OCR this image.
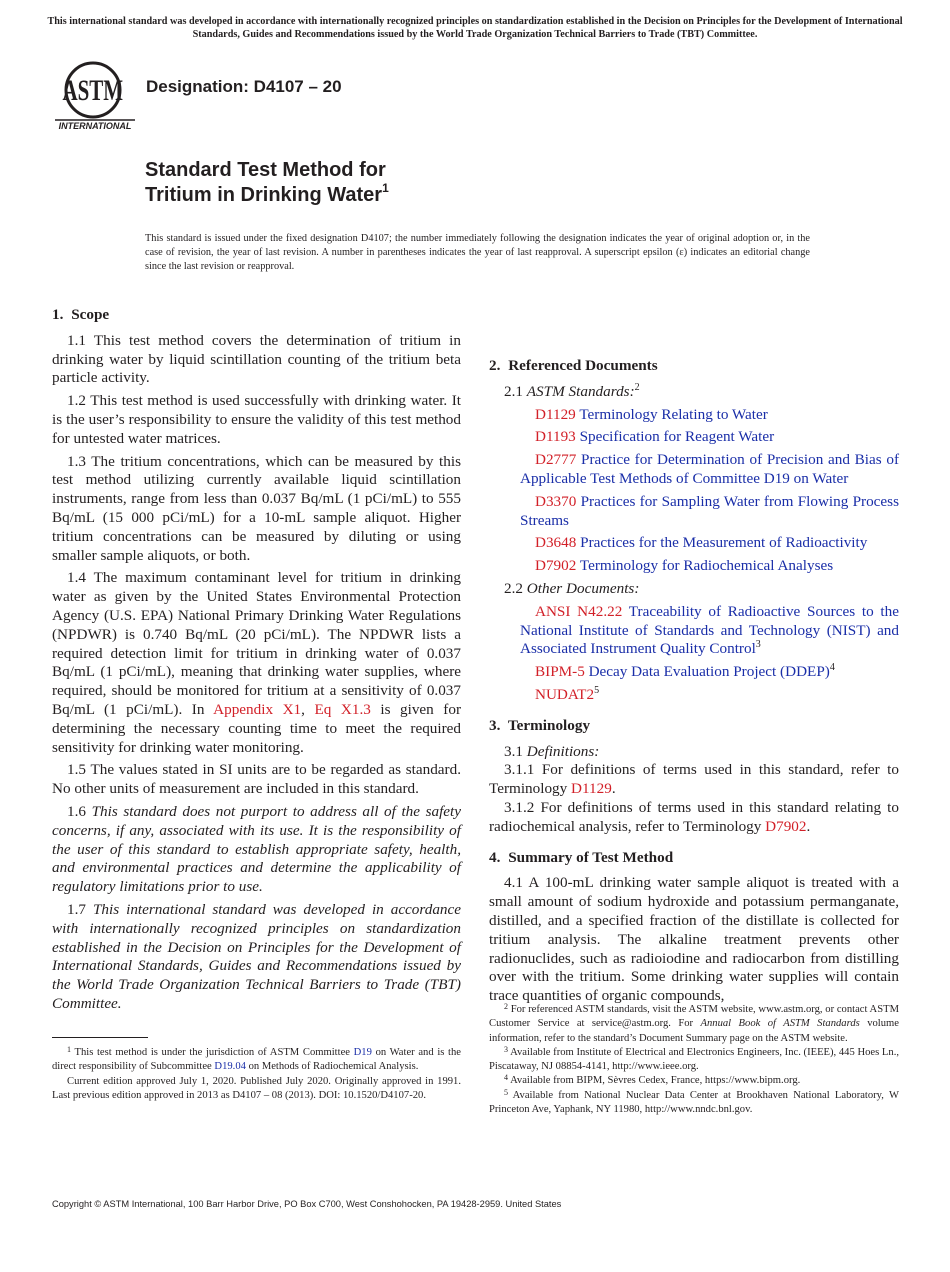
This international standard was developed in accordance with internationally recognized principles on standardization established in the Decision on Principles for the Development of International Standards, Guides and Recommendations issued by the World Trade Organization Technical Barriers to Trade (TBT) Committee.
ASTM
INTERNATIONAL
Designation: D4107 – 20
Standard Test Method for
Tritium in Drinking Water$^1$
This standard is issued under the fixed designation D4107; the number immediately following the designation indicates the year of original adoption or, in the case of revision, the year of last revision. A number in parentheses indicates the year of last reapproval. A superscript epsilon (ε) indicates an editorial change since the last revision or reapproval.
1. Scope

1.1 This test method covers the determination of tritium in drinking water by liquid scintillation counting of the tritium beta particle activity.

1.2 This test method is used successfully with drinking water. It is the user’s responsibility to ensure the validity of this test method for untested water matrices.

1.3 The tritium concentrations, which can be measured by this test method utilizing currently available liquid scintillation instruments, range from less than 0.037 Bq/mL (1 pCi/mL) to 555 Bq/mL (15 000 pCi/mL) for a 10-mL sample aliquot. Higher tritium concentrations can be measured by diluting or using smaller sample aliquots, or both.

1.4 The maximum contaminant level for tritium in drinking water as given by the United States Environmental Protection Agency (U.S. EPA) National Primary Drinking Water Regulations (NPDWR) is 0.740 Bq/mL (20 pCi/mL). The NPDWR lists a required detection limit for tritium in drinking water of 0.037 Bq/mL (1 pCi/mL), meaning that drinking water supplies, where required, should be monitored for tritium at a sensitivity of 0.037 Bq/mL (1 pCi/mL). In Appendix X1, Eq X1.3 is given for determining the necessary counting time to meet the required sensitivity for drinking water monitoring.

1.5 The values stated in SI units are to be regarded as standard. No other units of measurement are included in this standard.

1.6 This standard does not purport to address all of the safety concerns, if any, associated with its use. It is the responsibility of the user of this standard to establish appropriate safety, health, and environmental practices and determine the applicability of regulatory limitations prior to use.

1.7 This international standard was developed in accordance with internationally recognized principles on standardization established in the Decision on Principles for the Development of International Standards, Guides and Recommendations issued by the World Trade Organization Technical Barriers to Trade (TBT) Committee.

2. Referenced Documents

2.1 ASTM Standards:$^2$

D1129 Terminology Relating to Water

D1193 Specification for Reagent Water

D2777 Practice for Determination of Precision and Bias of Applicable Test Methods of Committee D19 on Water

D3370 Practices for Sampling Water from Flowing Process Streams

D3648 Practices for the Measurement of Radioactivity

D7902 Terminology for Radiochemical Analyses

2.2 Other Documents:

ANSI N42.22 Traceability of Radioactive Sources to the National Institute of Standards and Technology (NIST) and Associated Instrument Quality Control$^3$

BIPM-5 Decay Data Evaluation Project (DDEP)$^4$

$NUDAT2^5$

3. Terminology

3.1 Definitions:

3.1.1 For definitions of terms used in this standard, refer to Terminology D1129.

3.1.2 For definitions of terms used in this standard relating to radiochemical analysis, refer to Terminology D7902.

4. Summary of Test Method

4.1 A 100-mL drinking water sample aliquot is treated with a small amount of sodium hydroxide and potassium permanganate, distilled, and a specified fraction of the distillate is collected for tritium analysis. The alkaline treatment prevents other radionuclides, such as radioiodine and radiocarbon from distilling over with the tritium. Some drinking water supplies will contain trace quantities of organic compounds,

$^1$ This test method is under the jurisdiction of ASTM Committee D19 on Water and is the direct responsibility of Subcommittee D19.04 on Methods of Radiochemical Analysis.

Current edition approved July 1, 2020. Published July 2020. Originally approved in 1991. Last previous edition approved in 2013 as D4107 – 08 (2013). DOI: 10.1520/D4107-20.

$^2$ For referenced ASTM standards, visit the ASTM website, www.astm.org, or contact ASTM Customer Service at service@astm.org. For Annual Book of ASTM Standards volume information, refer to the standard’s Document Summary page on the ASTM website.

$^3$ Available from Institute of Electrical and Electronics Engineers, Inc. (IEEE), 445 Hoes Ln., Piscataway, NJ 08854-4141, http://www.ieee.org.

$^4$ Available from BIPM, Sèvres Cedex, France, https://www.bipm.org.

$^5$ Available from National Nuclear Data Center at Brookhaven National Laboratory, W Princeton Ave, Yaphank, NY 11980, http://www.nndc.bnl.gov.

Copyright © ASTM International, 100 Barr Harbor Drive, PO Box C700, West Conshohocken, PA 19428-2959. United States
